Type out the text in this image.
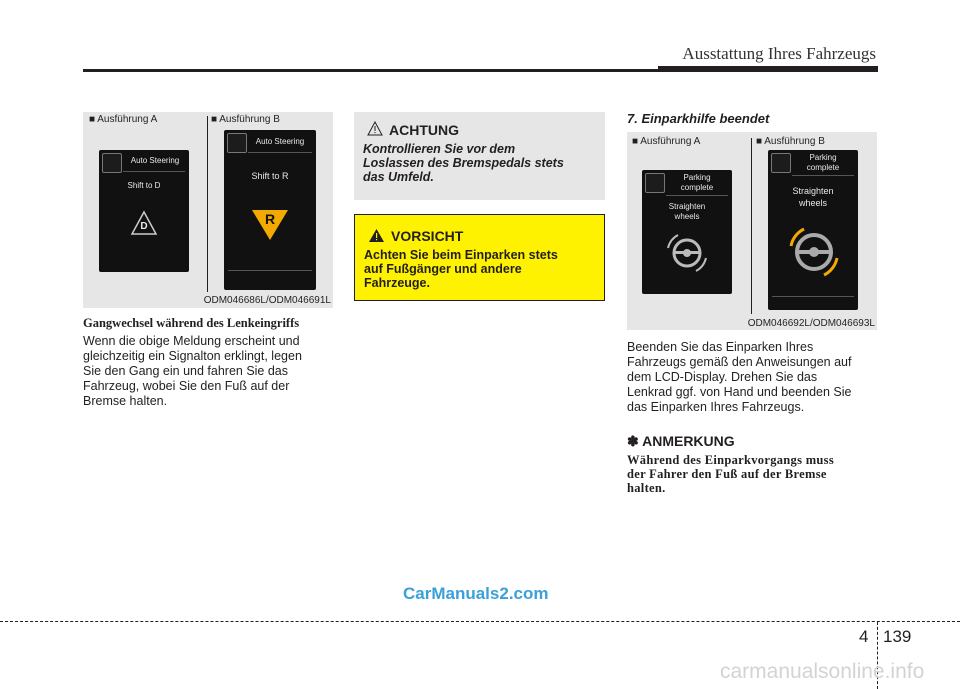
Ausstattung Ihres Fahrzeugs
■ Ausführung A	■ Ausführung B
Auto Steering
Shift to D
D
Auto Steering
Shift to R
R
ODM046686L/ODM046691L
Gangwechsel während des Lenkeingriffs
Wenn die obige Meldung erscheint und
gleichzeitig ein Signalton erklingt, legen
Sie den Gang ein und fahren Sie das
Fahrzeug, wobei Sie den Fuß auf der
Bremse halten.
ACHTUNG
Kontrollieren Sie vor dem
Loslassen des Bremspedals stets
das Umfeld.
VORSICHT
Achten Sie beim Einparken stets
auf Fußgänger und andere
Fahrzeuge.
7. Einparkhilfe beendet
■ Ausführung A	■ Ausführung B
Parking
complete
Straighten
wheels
Parking
complete
Straighten
wheels
ODM046692L/ODM046693L
Beenden Sie das Einparken Ihres
Fahrzeugs gemäß den Anweisungen auf
dem LCD-Display. Drehen Sie das
Lenkrad ggf. von Hand und beenden Sie
das Einparken Ihres Fahrzeugs.
✽ ANMERKUNG
Während des Einparkvorgangs muss
der Fahrer den Fuß auf der Bremse
halten.
CarManuals2.com
4 139
carmanualsonline.info
